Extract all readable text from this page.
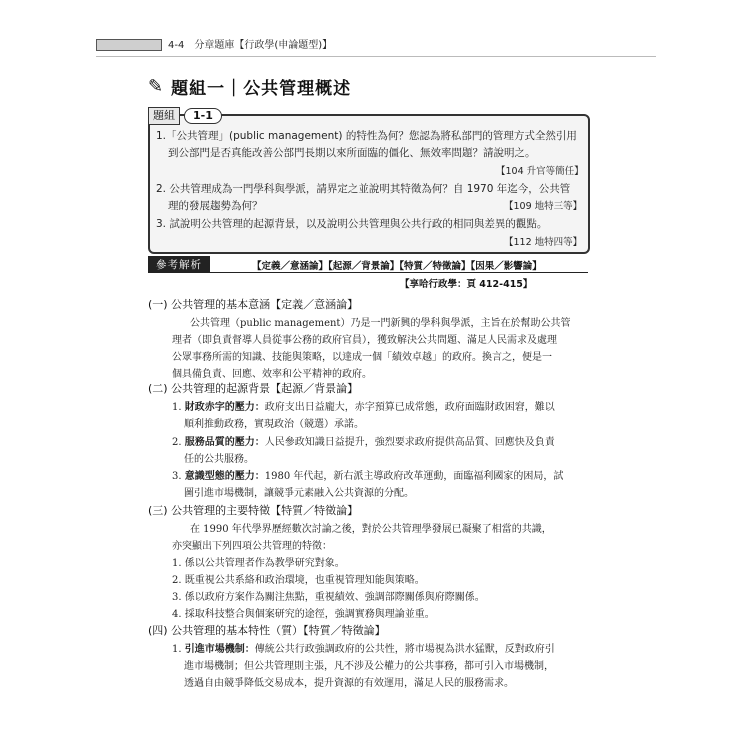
4-4　分章題庫【行政學(申論題型)】
✎ 題組一｜公共管理概述
題組	1-1
1.「公共管理」(public management) 的特性為何？您認為將私部門的管理方式全然引用
到公部門是否真能改善公部門長期以來所面臨的僵化、無效率問題？請說明之。
【104 升官等簡任】
2. 公共管理成為一門學科與學派，請界定之並說明其特徵為何？自 1970 年迄今，公共管
理的發展趨勢為何？	【109 地特三等】
3. 試說明公共管理的起源背景，以及說明公共管理與公共行政的相同與差異的觀點。
【112 地特四等】
參考解析	【定義／意涵論】【起源／背景論】【特質／特徵論】【因果／影響論】
【享哈行政學：頁 412-415】
(一) 公共管理的基本意涵【定義／意涵論】
公共管理（public management）乃是一門新興的學科與學派，主旨在於幫助公共管
理者（即負責督導人員從事公務的政府官員），獲致解決公共問題、滿足人民需求及處理
公眾事務所需的知識、技能與策略，以達成一個「績效卓越」的政府。換言之，便是一
個具備負責、回應、效率和公平精神的政府。
(二) 公共管理的起源背景【起源／背景論】
1. 財政赤字的壓力：政府支出日益龐大，赤字預算已成常態，政府面臨財政困窘，難以
順利推動政務，實現政治（競選）承諾。
2. 服務品質的壓力：人民參政知識日益提升，強烈要求政府提供高品質、回應快及負責
任的公共服務。
3. 意識型態的壓力：1980 年代起，新右派主導政府改革運動，面臨福利國家的困局，試
圖引進市場機制，讓競爭元素融入公共資源的分配。
(三) 公共管理的主要特徵【特質／特徵論】
在 1990 年代學界歷經數次討論之後，對於公共管理學發展已凝聚了相當的共識，
亦突顯出下列四項公共管理的特徵：
1. 係以公共管理者作為教學研究對象。
2. 既重視公共系絡和政治環境，也重視管理知能與策略。
3. 係以政府方案作為關注焦點，重視績效、強調部際關係與府際關係。
4. 採取科技整合與個案研究的途徑，強調實務與理論並重。
(四) 公共管理的基本特性（質）【特質／特徵論】
1. 引進市場機制：傳統公共行政強調政府的公共性，將市場視為洪水猛獸，反對政府引
進市場機制；但公共管理則主張，凡不涉及公權力的公共事務，都可引入市場機制，
透過自由競爭降低交易成本，提升資源的有效運用，滿足人民的服務需求。
